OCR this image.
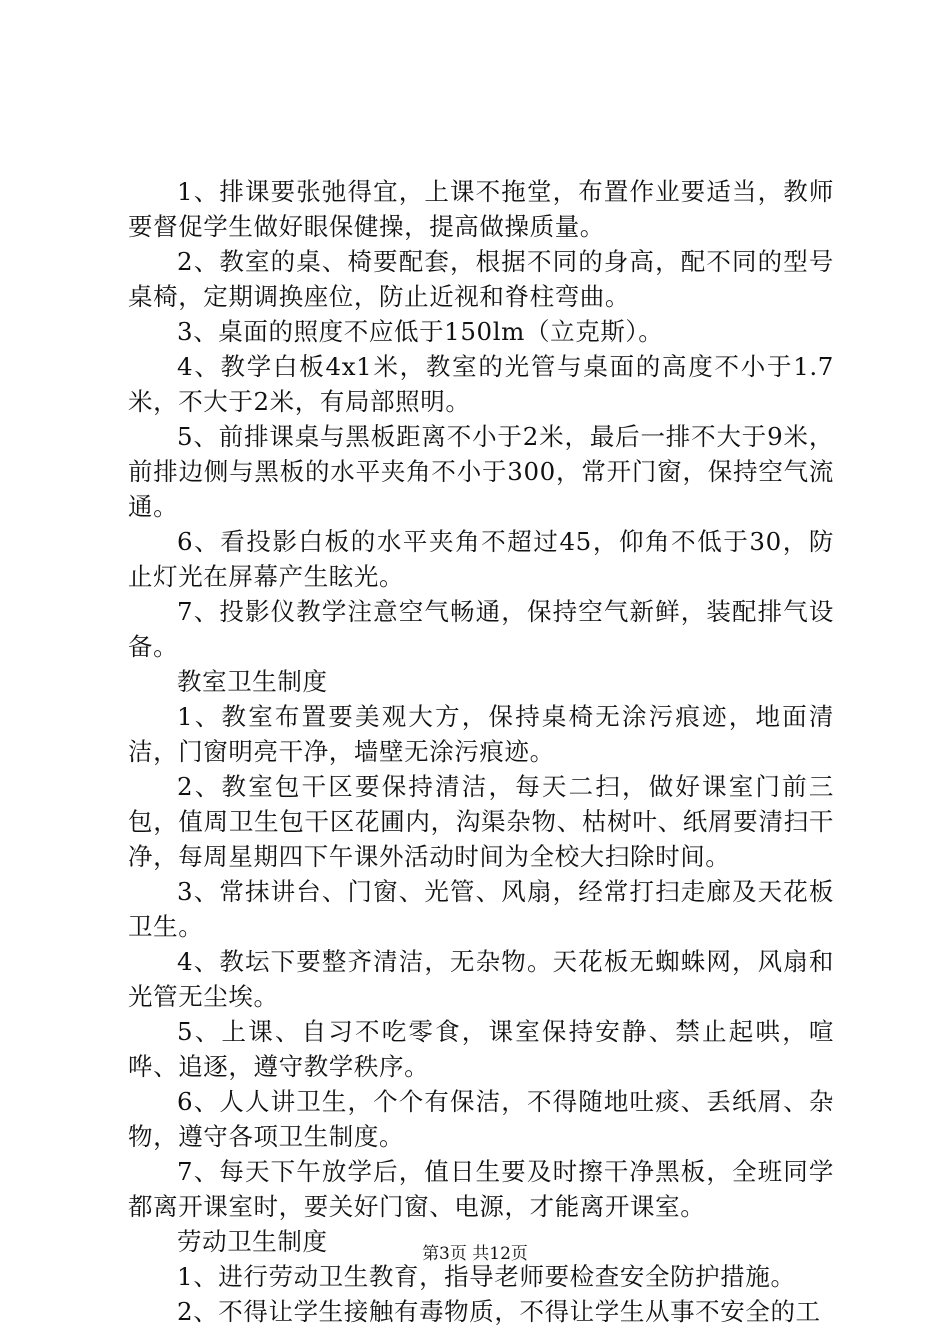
1、排课要张弛得宜，上课不拖堂，布置作业要适当，教师要督促学生做好眼保健操，提高做操质量。

2、教室的桌、椅要配套，根据不同的身高，配不同的型号桌椅，定期调换座位，防止近视和脊柱弯曲。

3、桌面的照度不应低于150lm（立克斯）。

4、教学白板4x1米，教室的光管与桌面的高度不小于1.7米，不大于2米，有局部照明。

5、前排课桌与黑板距离不小于2米，最后一排不大于9米，前排边侧与黑板的水平夹角不小于300，常开门窗，保持空气流通。

6、看投影白板的水平夹角不超过45，仰角不低于30，防止灯光在屏幕产生眩光。

7、投影仪教学注意空气畅通，保持空气新鲜，装配排气设备。

教室卫生制度

1、教室布置要美观大方，保持桌椅无涂污痕迹，地面清洁，门窗明亮干净，墙壁无涂污痕迹。

2、教室包干区要保持清洁，每天二扫，做好课室门前三包，值周卫生包干区花圃内，沟渠杂物、枯树叶、纸屑要清扫干净，每周星期四下午课外活动时间为全校大扫除时间。

3、常抹讲台、门窗、光管、风扇，经常打扫走廊及天花板卫生。

4、教坛下要整齐清洁，无杂物。天花板无蜘蛛网，风扇和光管无尘埃。

5、上课、自习不吃零食，课室保持安静、禁止起哄，喧哗、追逐，遵守教学秩序。

6、人人讲卫生，个个有保洁，不得随地吐痰、丢纸屑、杂物，遵守各项卫生制度。

7、每天下午放学后，值日生要及时擦干净黑板，全班同学都离开课室时，要关好门窗、电源，才能离开课室。

劳动卫生制度

1、进行劳动卫生教育，指导老师要检查安全防护措施。

2、不得让学生接触有毒物质，不得让学生从事不安全的工

第3页 共12页
